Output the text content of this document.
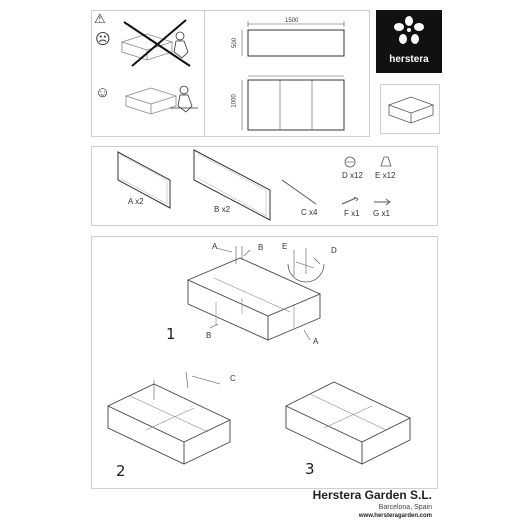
⚠
☹
☺
1500
500
1000
herstera
A x2
B x2	C x4
D x12 E x12
F x1 G x1
A	B E	D
B
A
1
C
2	3
Herstera Garden S.L.
Barcelona, Spain
www.hersteragarden.com
